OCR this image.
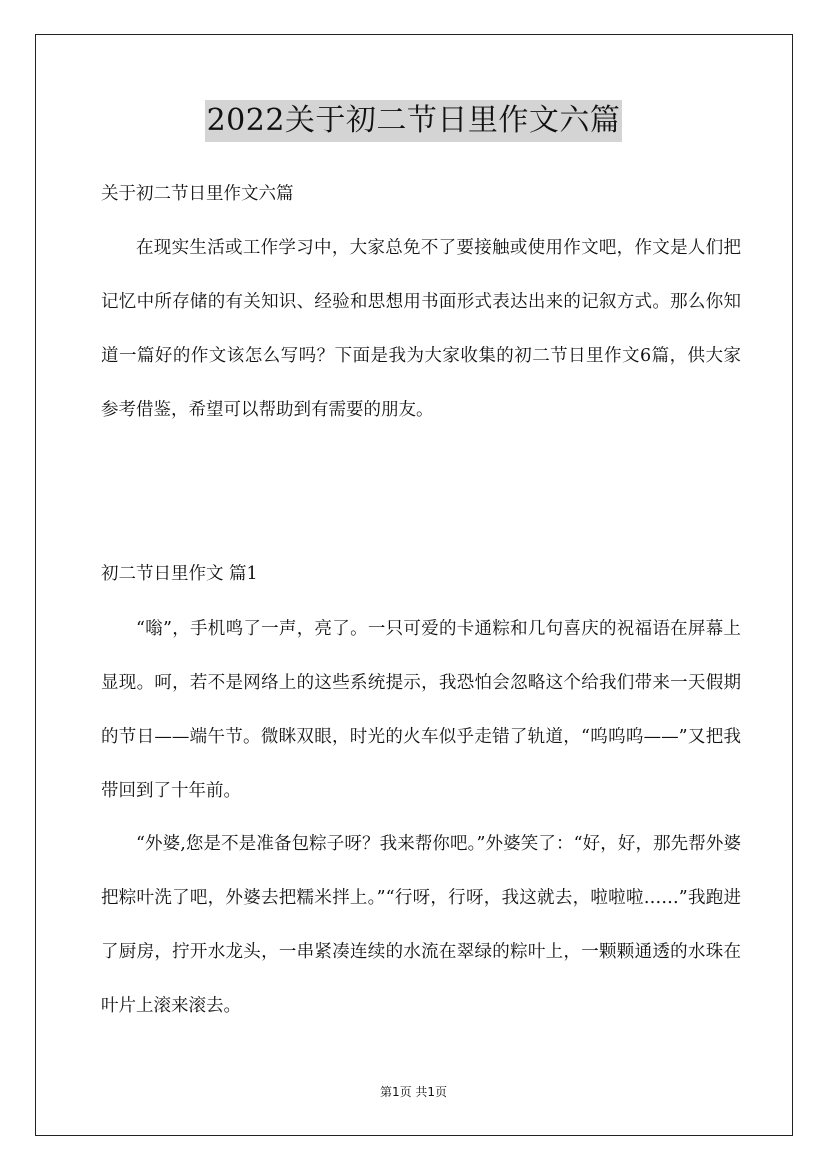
2022关于初二节日里作文六篇
关于初二节日里作文六篇

在现实生活或工作学习中，大家总免不了要接触或使用作文吧，作文是人们把记忆中所存储的有关知识、经验和思想用书面形式表达出来的记叙方式。那么你知道一篇好的作文该怎么写吗？下面是我为大家收集的初二节日里作文6篇，供大家参考借鉴，希望可以帮助到有需要的朋友。

初二节日里作文 篇1

“嗡”，手机鸣了一声，亮了。一只可爱的卡通粽和几句喜庆的祝福语在屏幕上显现。呵，若不是网络上的这些系统提示，我恐怕会忽略这个给我们带来一天假期的节日——端午节。微眯双眼，时光的火车似乎走错了轨道，“呜呜呜——”又把我带回到了十年前。

“外婆,您是不是准备包粽子呀？我来帮你吧。”外婆笑了：“好，好，那先帮外婆把粽叶洗了吧，外婆去把糯米拌上。”“行呀，行呀，我这就去，啦啦啦……”我跑进了厨房，拧开水龙头，一串紧凑连续的水流在翠绿的粽叶上，一颗颗通透的水珠在叶片上滚来滚去。

第1页 共1页
